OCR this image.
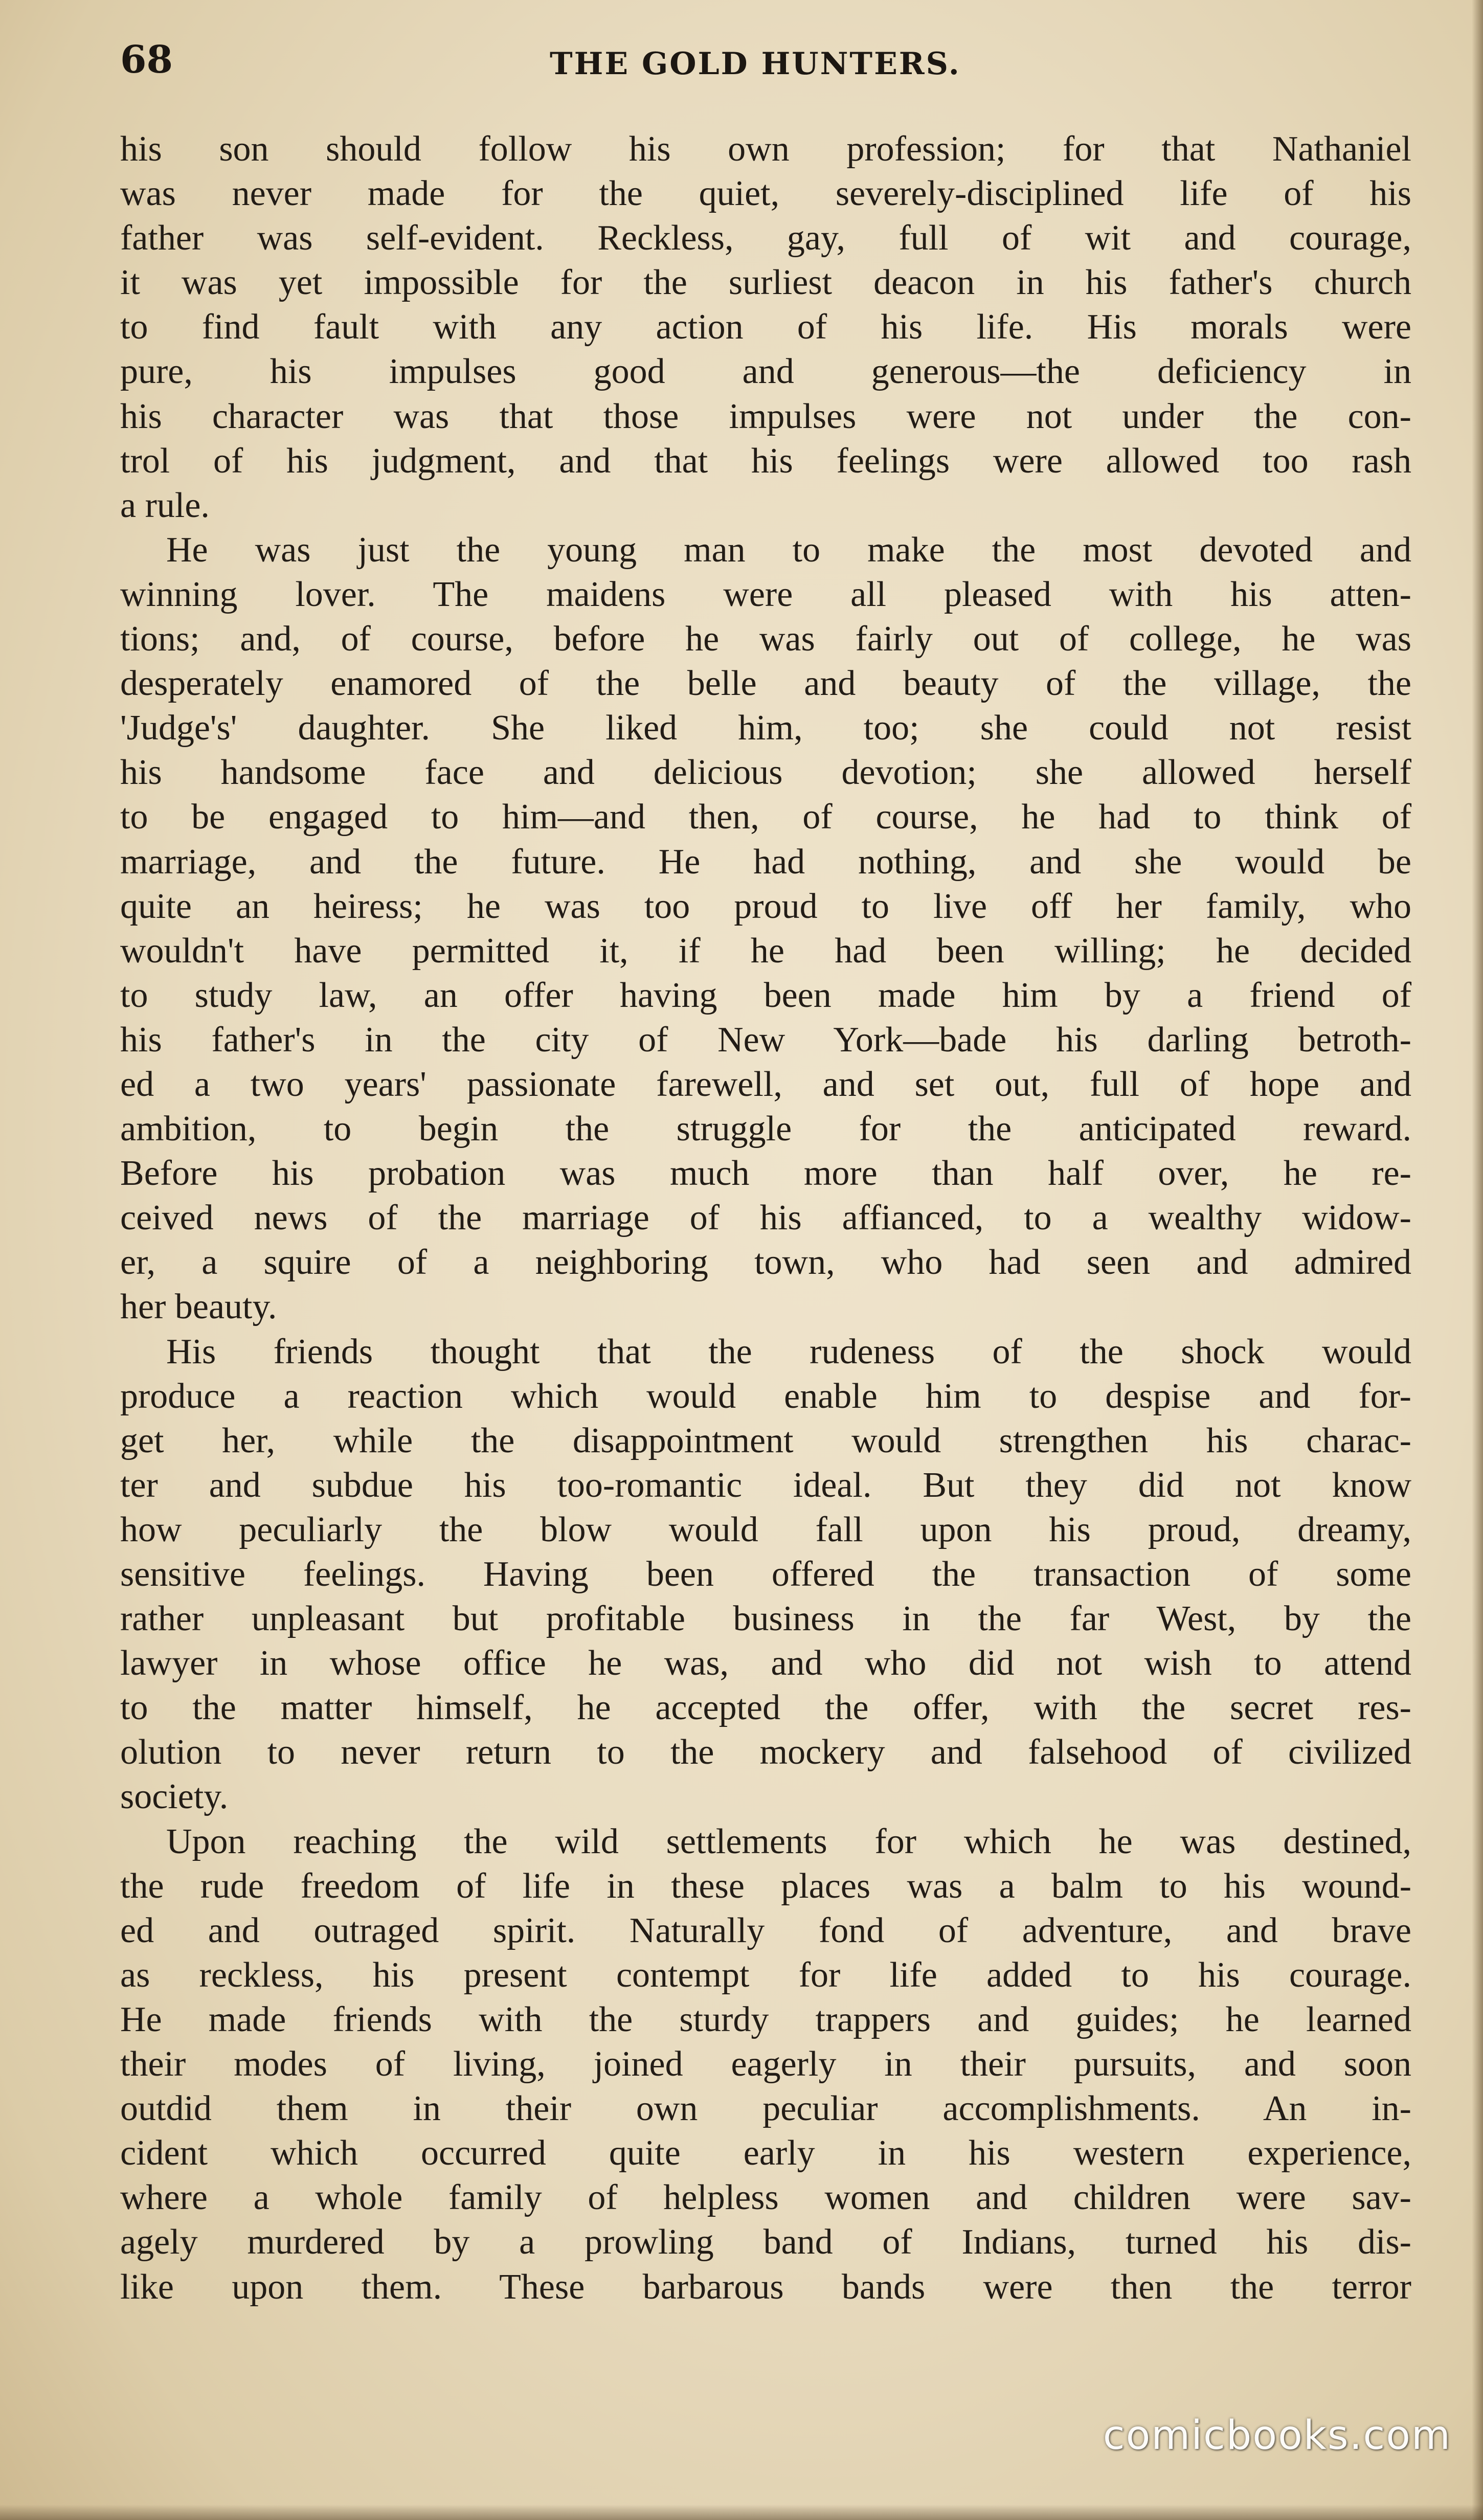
68	THE GOLD HUNTERS.
his son should follow his own profession; for that Nathaniel
was never made for the quiet, severely-disciplined life of his
father was self-evident. Reckless, gay, full of wit and courage,
it was yet impossible for the surliest deacon in his father's church
to find fault with any action of his life. His morals were
pure, his impulses good and generous—the deficiency in
his character was that those impulses were not under the con-
trol of his judgment, and that his feelings were allowed too rash
a rule.
He was just the young man to make the most devoted and
winning lover. The maidens were all pleased with his atten-
tions; and, of course, before he was fairly out of college, he was
desperately enamored of the belle and beauty of the village, the
'Judge's' daughter. She liked him, too; she could not resist
his handsome face and delicious devotion; she allowed herself
to be engaged to him—and then, of course, he had to think of
marriage, and the future. He had nothing, and she would be
quite an heiress; he was too proud to live off her family, who
wouldn't have permitted it, if he had been willing; he decided
to study law, an offer having been made him by a friend of
his father's in the city of New York—bade his darling betroth-
ed a two years' passionate farewell, and set out, full of hope and
ambition, to begin the struggle for the anticipated reward.
Before his probation was much more than half over, he re-
ceived news of the marriage of his affianced, to a wealthy widow-
er, a squire of a neighboring town, who had seen and admired
her beauty.
His friends thought that the rudeness of the shock would
produce a reaction which would enable him to despise and for-
get her, while the disappointment would strengthen his charac-
ter and subdue his too-romantic ideal. But they did not know
how peculiarly the blow would fall upon his proud, dreamy,
sensitive feelings. Having been offered the transaction of some
rather unpleasant but profitable business in the far West, by the
lawyer in whose office he was, and who did not wish to attend
to the matter himself, he accepted the offer, with the secret res-
olution to never return to the mockery and falsehood of civilized
society.
Upon reaching the wild settlements for which he was destined,
the rude freedom of life in these places was a balm to his wound-
ed and outraged spirit. Naturally fond of adventure, and brave
as reckless, his present contempt for life added to his courage.
He made friends with the sturdy trappers and guides; he learned
their modes of living, joined eagerly in their pursuits, and soon
outdid them in their own peculiar accomplishments. An in-
cident which occurred quite early in his western experience,
where a whole family of helpless women and children were sav-
agely murdered by a prowling band of Indians, turned his dis-
like upon them. These barbarous bands were then the terror
comicbooks.com
